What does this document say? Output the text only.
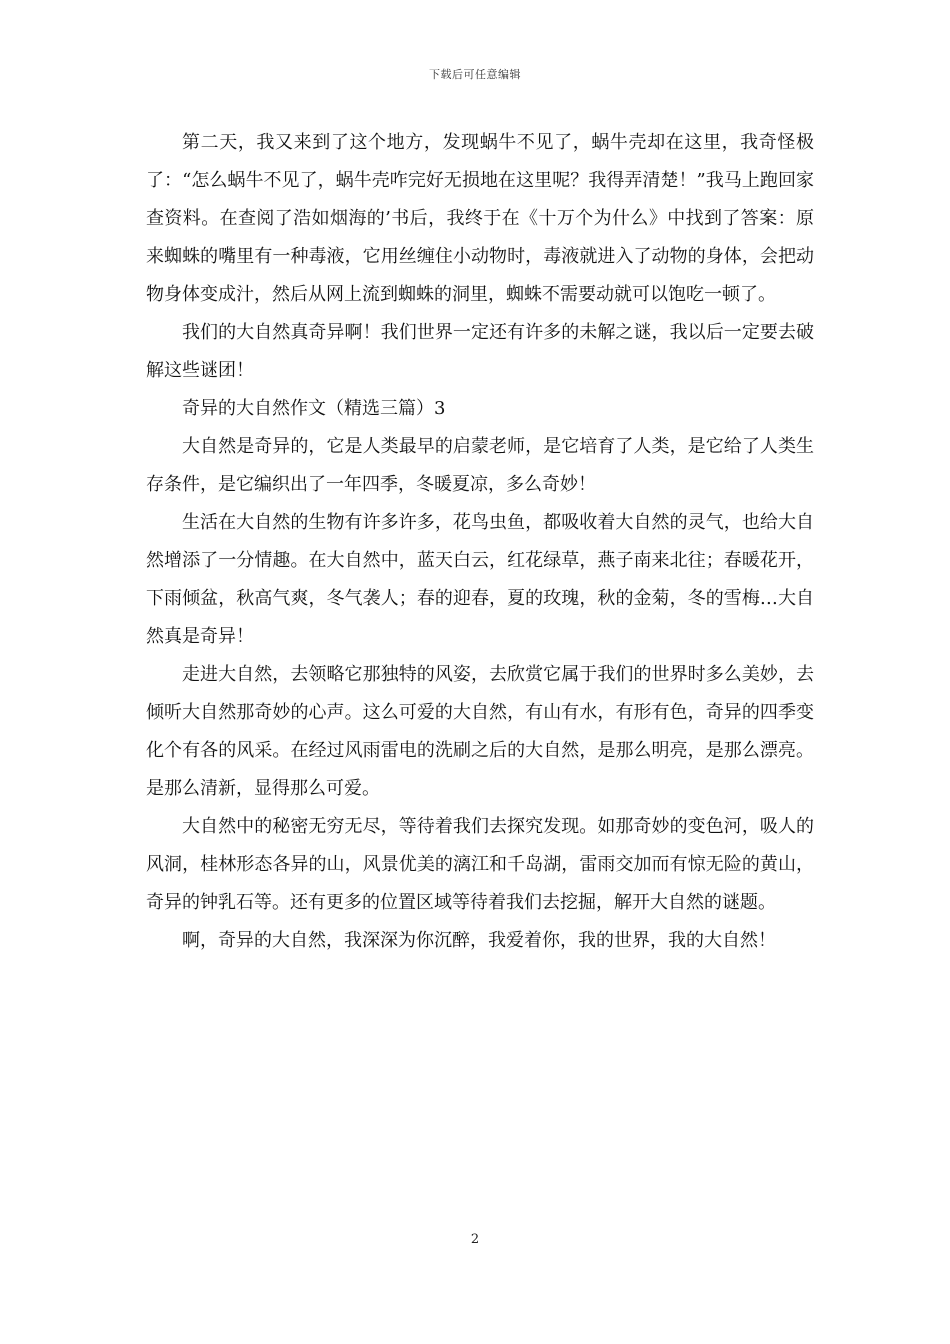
下载后可任意编辑

第二天，我又来到了这个地方，发现蜗牛不见了，蜗牛壳却在这里，我奇怪极了：“怎么蜗牛不见了，蜗牛壳咋完好无损地在这里呢？我得弄清楚！”我马上跑回家查资料。在查阅了浩如烟海的’书后，我终于在《十万个为什么》中找到了答案：原来蜘蛛的嘴里有一种毒液，它用丝缠住小动物时，毒液就进入了动物的身体，会把动物身体变成汁，然后从网上流到蜘蛛的洞里，蜘蛛不需要动就可以饱吃一顿了。

我们的大自然真奇异啊！我们世界一定还有许多的未解之谜，我以后一定要去破解这些谜团！

奇异的大自然作文（精选三篇）3

大自然是奇异的，它是人类最早的启蒙老师，是它培育了人类，是它给了人类生存条件，是它编织出了一年四季，冬暖夏凉，多么奇妙！

生活在大自然的生物有许多许多，花鸟虫鱼，都吸收着大自然的灵气，也给大自然增添了一分情趣。在大自然中，蓝天白云，红花绿草，燕子南来北往；春暖花开，下雨倾盆，秋高气爽，冬气袭人；春的迎春，夏的玫瑰，秋的金菊，冬的雪梅…大自然真是奇异！

走进大自然，去领略它那独特的风姿，去欣赏它属于我们的世界时多么美妙，去倾听大自然那奇妙的心声。这么可爱的大自然，有山有水，有形有色，奇异的四季变化个有各的风采。在经过风雨雷电的洗刷之后的大自然，是那么明亮，是那么漂亮。是那么清新，显得那么可爱。

大自然中的秘密无穷无尽，等待着我们去探究发现。如那奇妙的变色河，吸人的风洞，桂林形态各异的山，风景优美的漓江和千岛湖，雷雨交加而有惊无险的黄山，奇异的钟乳石等。还有更多的位置区域等待着我们去挖掘，解开大自然的谜题。

啊，奇异的大自然，我深深为你沉醉，我爱着你，我的世界，我的大自然！

2
